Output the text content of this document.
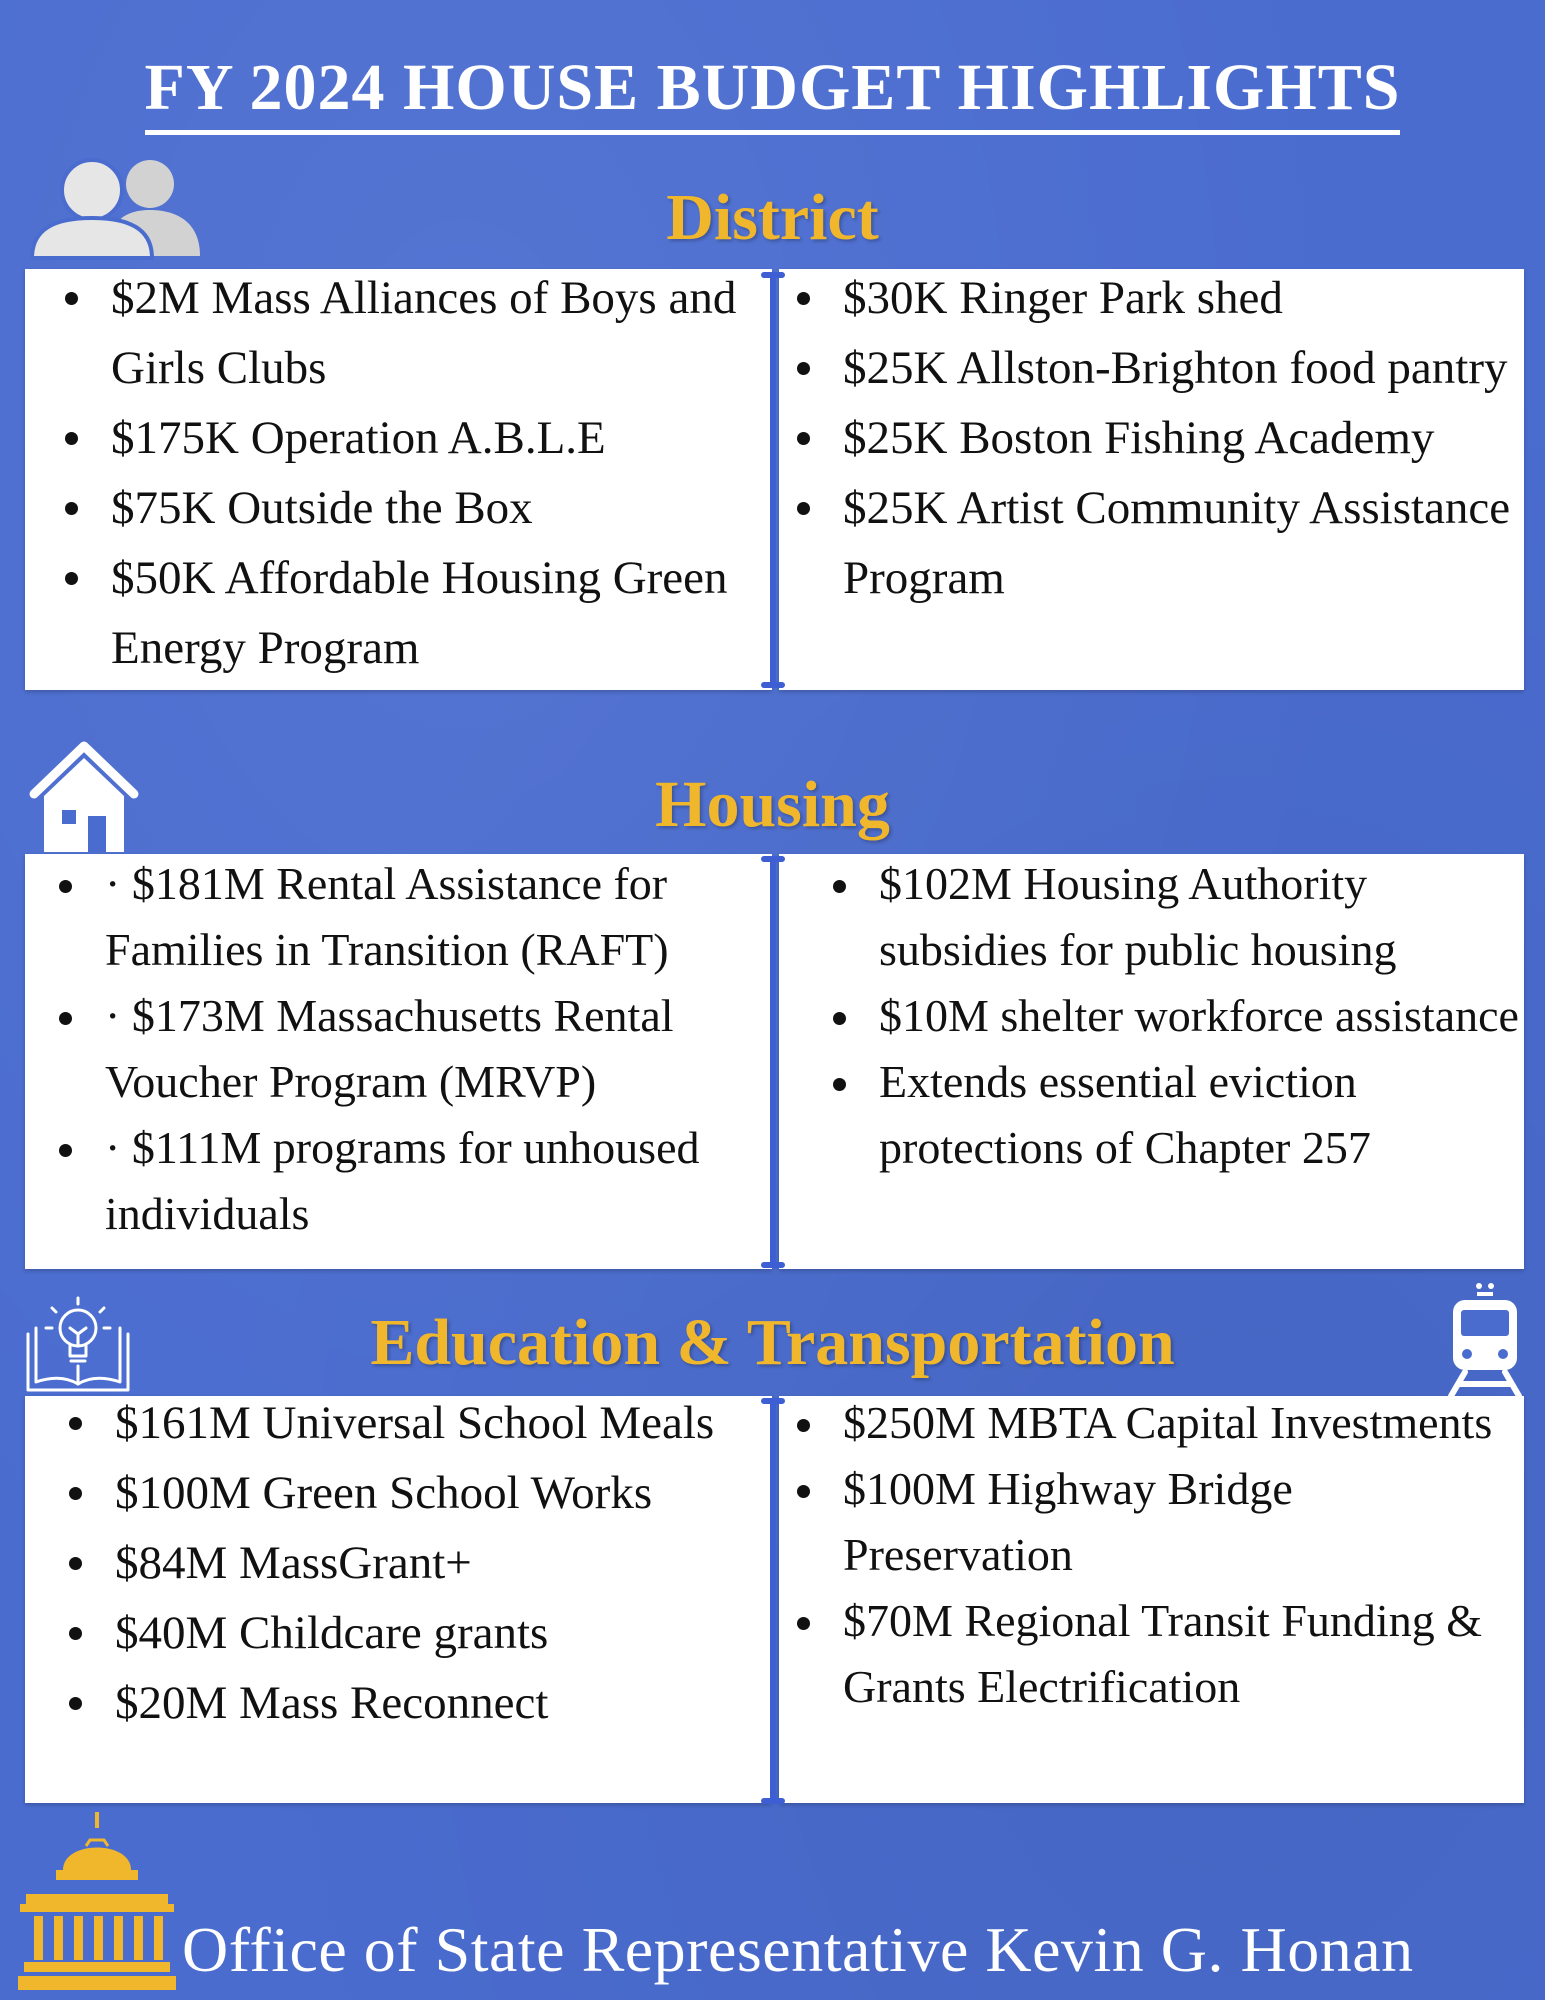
FY 2024 HOUSE BUDGET HIGHLIGHTS
District
$2M Mass Alliances of Boys and Girls Clubs
$175K Operation A.B.L.E
$75K Outside the Box
$50K Affordable Housing Green Energy Program
$30K Ringer Park shed
$25K Allston-Brighton food pantry
$25K Boston Fishing Academy
$25K Artist Community Assistance Program
Housing
· $181M Rental Assistance for Families in Transition (RAFT)
· $173M Massachusetts Rental Voucher Program (MRVP)
· $111M programs for unhoused individuals
$102M Housing Authority subsidies for public housing
$10M shelter workforce assistance
Extends essential eviction protections of Chapter 257
Education & Transportation
$161M Universal School Meals
$100M Green School Works
$84M MassGrant+
$40M Childcare grants
$20M Mass Reconnect
$250M MBTA Capital Investments
$100M Highway Bridge Preservation
$70M Regional Transit Funding & Grants Electrification
Office of State Representative Kevin G. Honan
